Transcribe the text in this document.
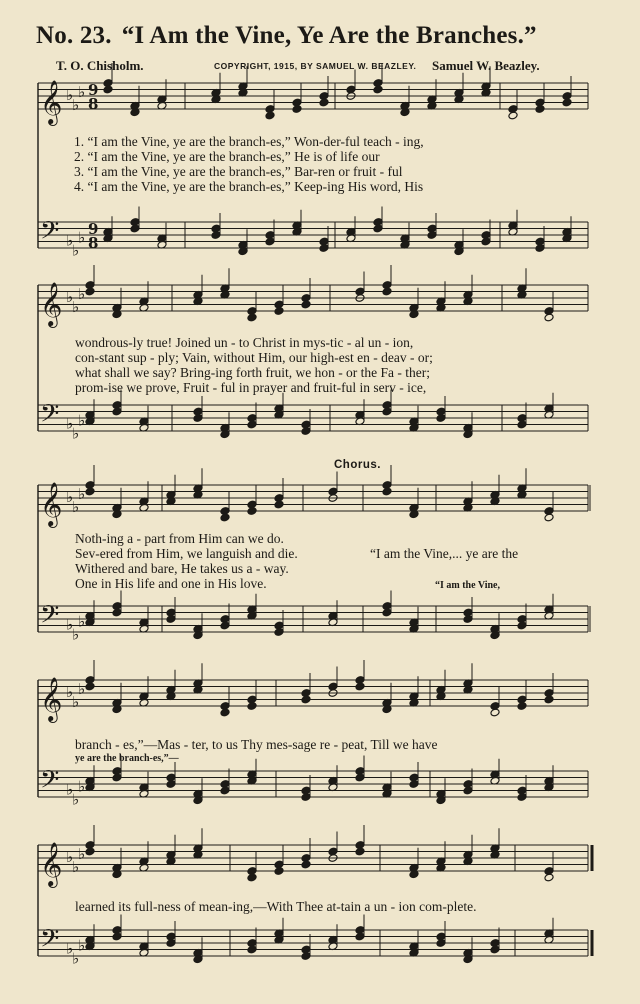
No. 23. “I Am the Vine, Ye Are the Branches.”
T. O. Chisholm.	COPYRIGHT, 1915, BY SAMUEL W. BEAZLEY. Samuel W. Beazley.
𝄞
𝄢
♭
♭
♭
♭
♭
♭
9
8
9
8
𝄞
𝄢
♭
♭
♭
♭
♭
♭
𝄞
𝄢
♭
♭
♭
♭
♭
♭
𝄞
𝄢
♭
♭
♭
♭
♭
♭
𝄞
𝄢
♭
♭
♭
♭
♭
♭
1. “I am the Vine, ye are the branch-es,” Won-der-ful teach - ing,
2. “I am the Vine, ye are the branch-es,” He is of life our
3. “I am the Vine, ye are the branch-es,” Bar-ren or fruit - ful
4. “I am the Vine, ye are the branch-es,” Keep-ing His word, His
wondrous-ly true! Joined un - to Christ in mys-tic - al un - ion,
con-stant sup - ply; Vain, without Him, our high-est en - deav - or;
what shall we say? Bring-ing forth fruit, we hon - or the Fa - ther;
prom-ise we prove, Fruit - ful in prayer and fruit-ful in serv - ice,
Chorus.
Noth-ing a - part from Him can we do.
Sev-ered from Him, we languish and die.
Withered and bare, He takes us a - way.
One in His life and one in His love.
“I am the Vine,... ye are the
“I am the Vine,
branch - es,”—Mas - ter, to us Thy mes-sage re - peat, Till we have
ye are the branch-es,”—
learned its full-ness of mean-ing,—With Thee at-tain a un - ion com-plete.
